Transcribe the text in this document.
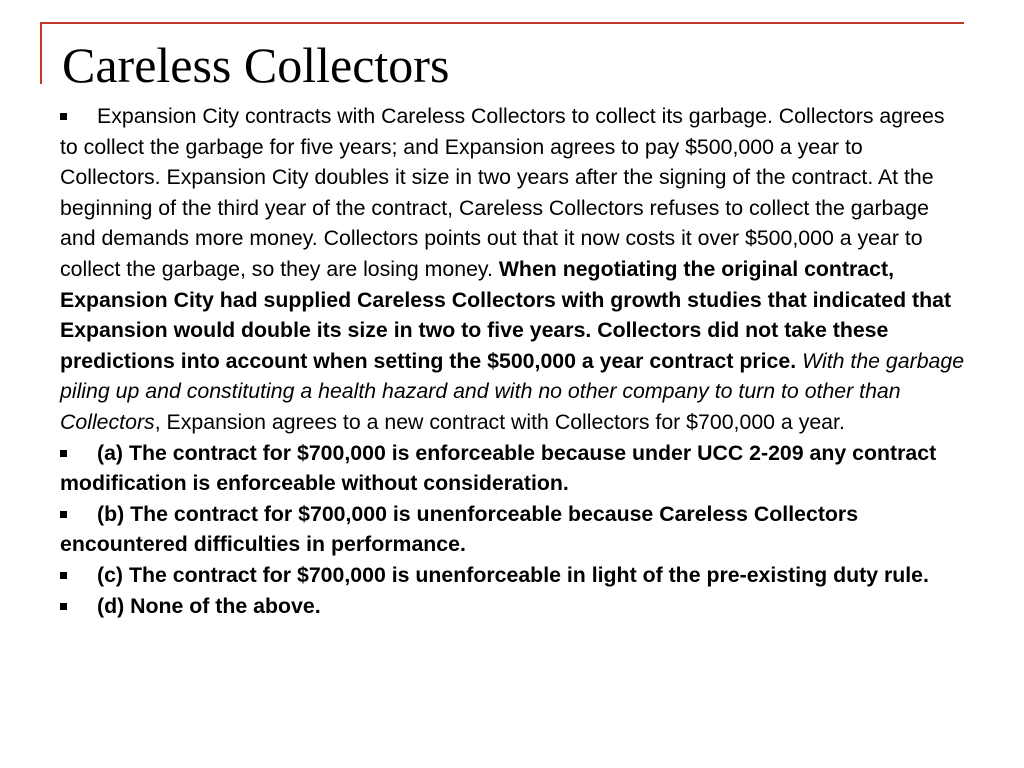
Careless Collectors

Expansion City contracts with Careless Collectors to collect its garbage. Collectors agrees to collect the garbage for five years; and Expansion agrees to pay $500,000 a year to Collectors. Expansion City doubles it size in two years after the signing of the contract. At the beginning of the third year of the contract, Careless Collectors refuses to collect the garbage and demands more money. Collectors points out that it now costs it over $500,000 a year to collect the garbage, so they are losing money. When negotiating the original contract, Expansion City had supplied Careless Collectors with growth studies that indicated that Expansion would double its size in two to five years. Collectors did not take these predictions into account when setting the $500,000 a year contract price. With the garbage piling up and constituting a health hazard and with no other company to turn to other than Collectors, Expansion agrees to a new contract with Collectors for $700,000 a year.

(a) The contract for $700,000 is enforceable because under UCC 2-209 any contract modification is enforceable without consideration.

(b) The contract for $700,000 is unenforceable because Careless Collectors encountered difficulties in performance.

(c) The contract for $700,000 is unenforceable in light of the pre-existing duty rule.

(d) None of the above.
